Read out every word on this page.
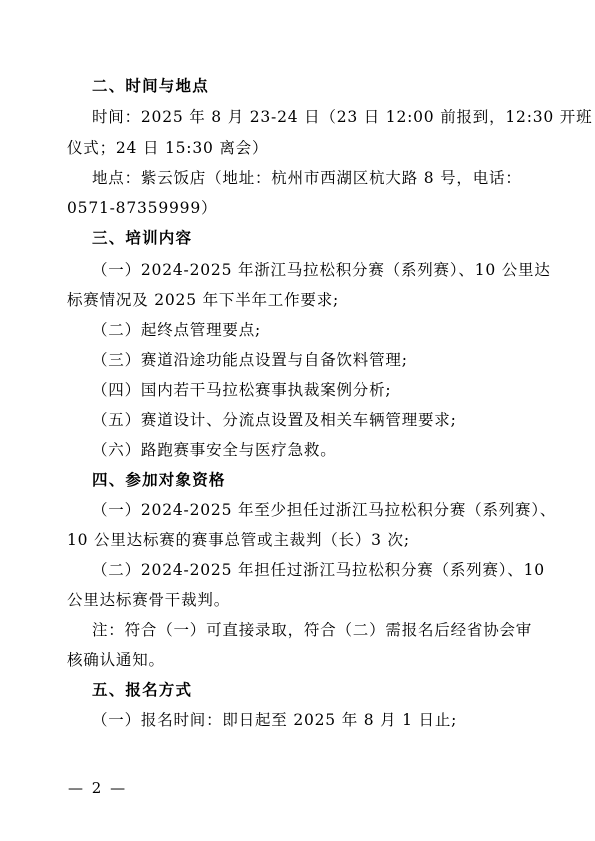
二、时间与地点
时间：2025 年 8 月 23-24 日（23 日 12:00 前报到，12:30 开班
仪式；24 日 15:30 离会）
地点：紫云饭店（地址：杭州市西湖区杭大路 8 号，电话：
0571-87359999）
三、培训内容
（一）2024-2025 年浙江马拉松积分赛（系列赛）、10 公里达
标赛情况及 2025 年下半年工作要求;
（二）起终点管理要点;
（三）赛道沿途功能点设置与自备饮料管理;
（四）国内若干马拉松赛事执裁案例分析;
（五）赛道设计、分流点设置及相关车辆管理要求;
（六）路跑赛事安全与医疗急救。
四、参加对象资格
（一）2024-2025 年至少担任过浙江马拉松积分赛（系列赛）、
10 公里达标赛的赛事总管或主裁判（长）3 次;
（二）2024-2025 年担任过浙江马拉松积分赛（系列赛）、10
公里达标赛骨干裁判。
注：符合（一）可直接录取，符合（二）需报名后经省协会审
核确认通知。
五、报名方式
（一）报名时间：即日起至 2025 年 8 月 1 日止;
— 2 —
